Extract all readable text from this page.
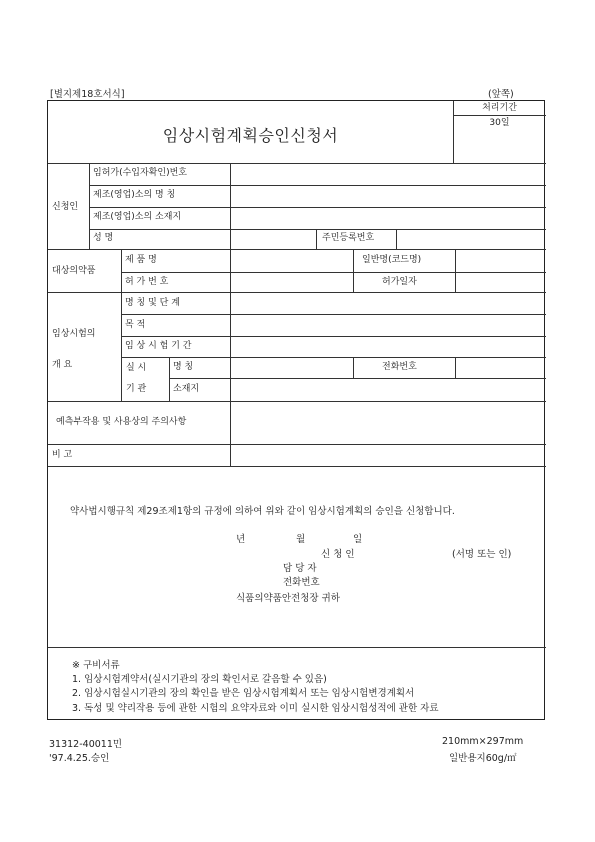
[별지제18호서식]	(앞쪽)
임상시험계획승인신청서
처리기간
30일
신청인
임허가(수입자확인)번호
제조(영업)소의 명 칭
제조(영업)소의 소재지
성 명	주민등록번호
대상의약품
제 품 명	일반명(코드명)
허 가 번 호	허가일자
임상시험의
개 요
명 칭 및 단 계
목 적
임 상 시 험 기 간
실 시
기 관
명 칭	전화번호
소재지
예측부작용 및 사용상의 주의사항
비 고
약사법시행규칙 제29조제1항의 규정에 의하여 위와 같이 임상시험계획의 승인을 신청합니다.
년	월	일
신 청 인	(서명 또는 인)
담 당 자
전화번호
식품의약품안전청장 귀하
※ 구비서류
1. 임상시험계약서(실시기관의 장의 확인서로 갈음할 수 있음)
2. 임상시험실시기관의 장의 확인을 받은 임상시험계획서 또는 임상시험변경계획서
3. 독성 및 약리작용 등에 관한 시험의 요약자료와 이미 실시한 임상시험성적에 관한 자료
31312-40011민
'97.4.25.승인
210mm×297mm
일반용지60g/㎡
